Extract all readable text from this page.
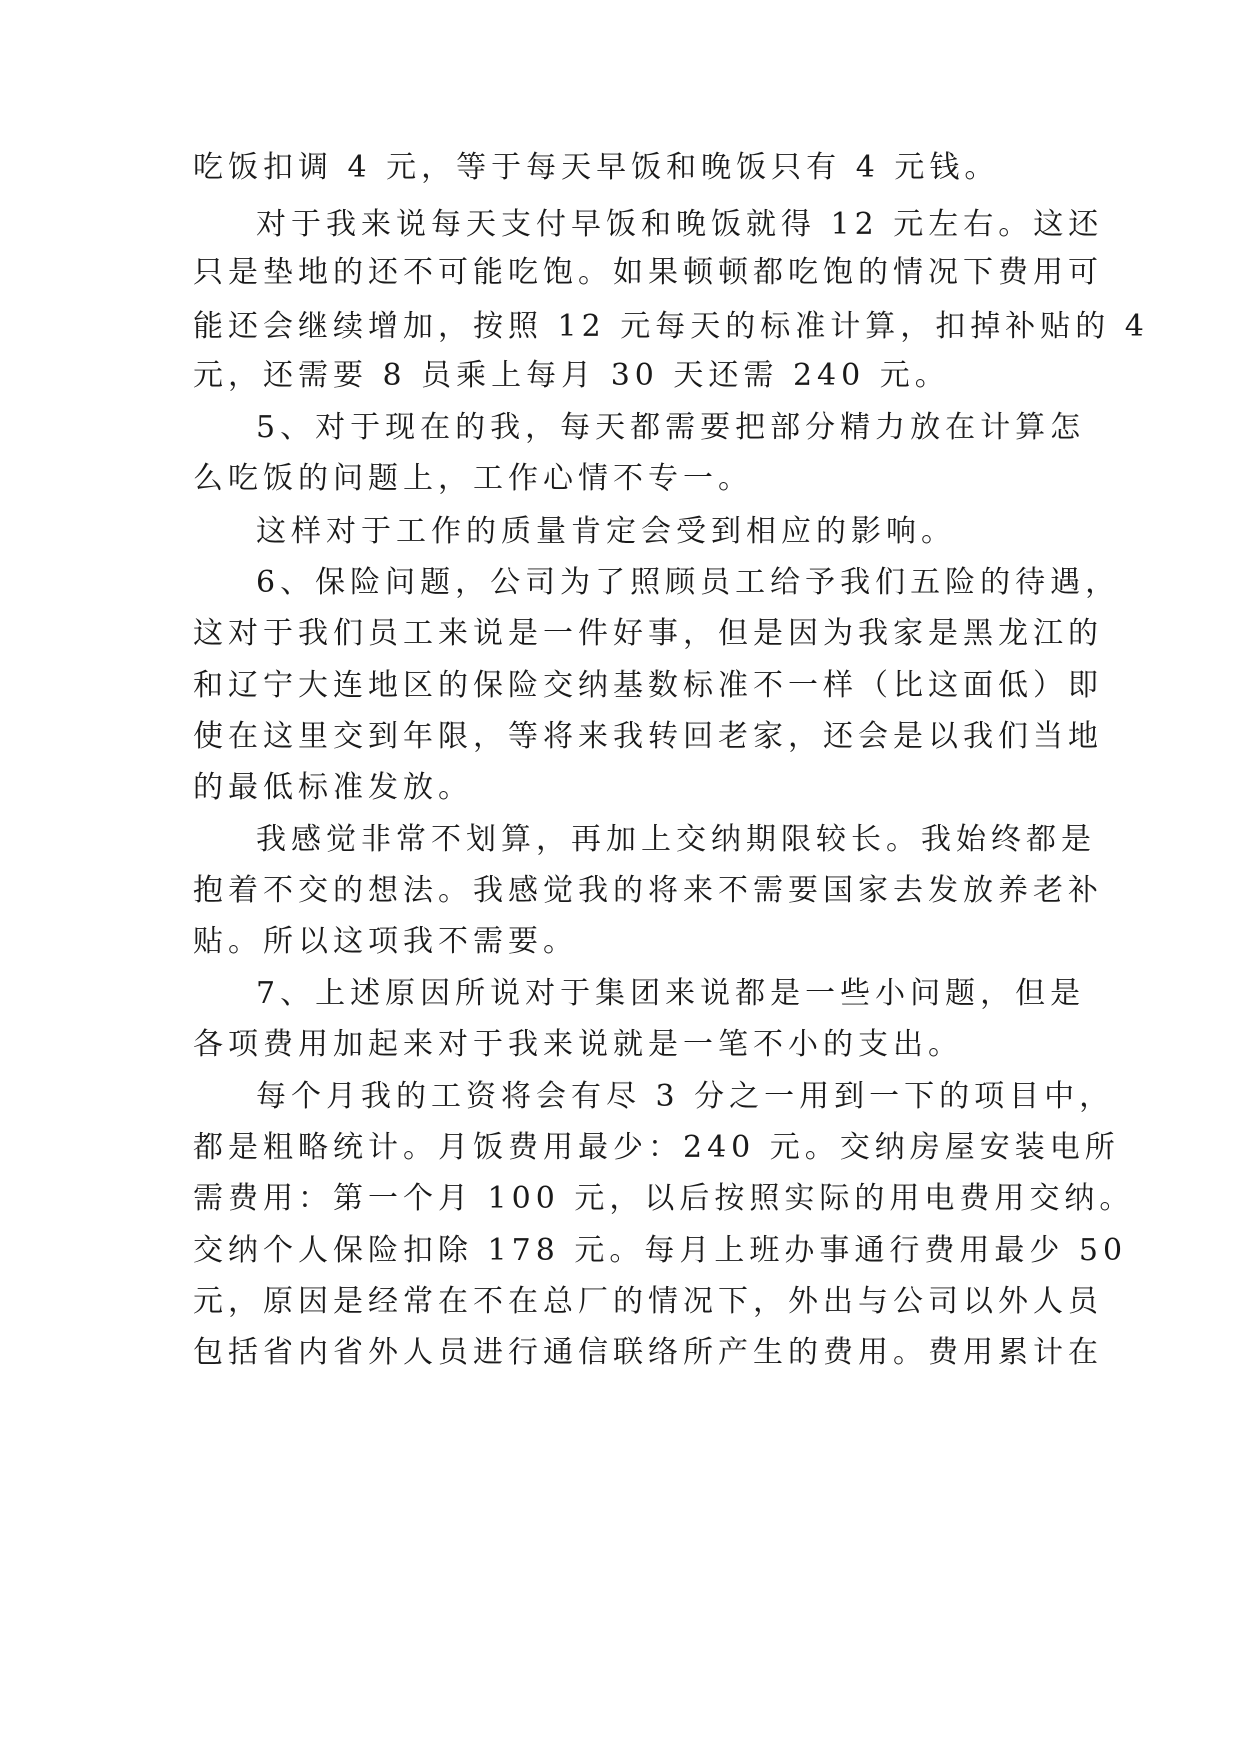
吃饭扣调 4 元，等于每天早饭和晚饭只有 4 元钱。

对于我来说每天支付早饭和晚饭就得 12 元左右。这还

只是垫地的还不可能吃饱。如果顿顿都吃饱的情况下费用可

能还会继续增加，按照 12 元每天的标准计算，扣掉补贴的 4

元，还需要 8 员乘上每月 30 天还需 240 元。

5、对于现在的我，每天都需要把部分精力放在计算怎

么吃饭的问题上，工作心情不专一。

这样对于工作的质量肯定会受到相应的影响。

6、保险问题，公司为了照顾员工给予我们五险的待遇，

这对于我们员工来说是一件好事，但是因为我家是黑龙江的

和辽宁大连地区的保险交纳基数标准不一样（比这面低）即

使在这里交到年限，等将来我转回老家，还会是以我们当地

的最低标准发放。

我感觉非常不划算，再加上交纳期限较长。我始终都是

抱着不交的想法。我感觉我的将来不需要国家去发放养老补

贴。所以这项我不需要。

7、上述原因所说对于集团来说都是一些小问题，但是

各项费用加起来对于我来说就是一笔不小的支出。

每个月我的工资将会有尽 3 分之一用到一下的项目中，

都是粗略统计。月饭费用最少：240 元。交纳房屋安装电所

需费用：第一个月 100 元，以后按照实际的用电费用交纳。

交纳个人保险扣除 178 元。每月上班办事通行费用最少 50

元，原因是经常在不在总厂的情况下，外出与公司以外人员

包括省内省外人员进行通信联络所产生的费用。费用累计在
